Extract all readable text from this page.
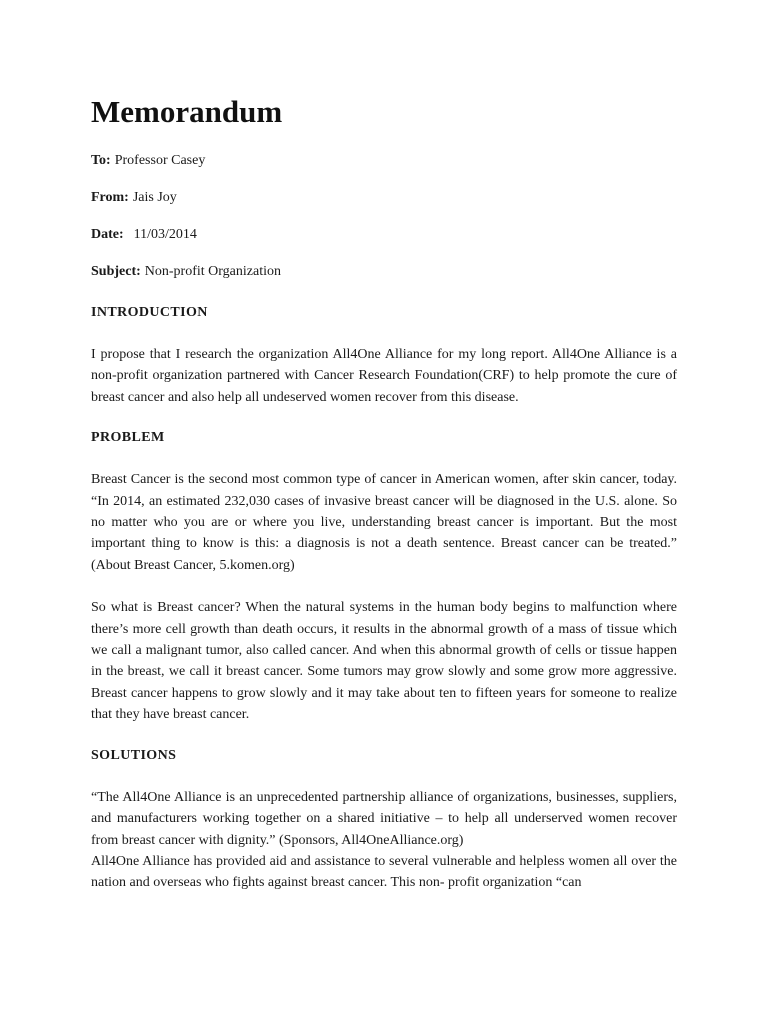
Memorandum
To: Professor Casey
From: Jais Joy
Date: 11/03/2014
Subject: Non-profit Organization
INTRODUCTION

I propose that I research the organization All4One Alliance for my long report. All4One Alliance is a non-profit organization partnered with Cancer Research Foundation(CRF) to help promote the cure of breast cancer and also help all undeserved women recover from this disease.

PROBLEM

Breast Cancer is the second most common type of cancer in American women, after skin cancer, today. “In 2014, an estimated 232,030 cases of invasive breast cancer will be diagnosed in the U.S. alone. So no matter who you are or where you live, understanding breast cancer is important. But the most important thing to know is this: a diagnosis is not a death sentence. Breast cancer can be treated.” (About Breast Cancer, 5.komen.org)

So what is Breast cancer? When the natural systems in the human body begins to malfunction where there’s more cell growth than death occurs, it results in the abnormal growth of a mass of tissue which we call a malignant tumor, also called cancer. And when this abnormal growth of cells or tissue happen in the breast, we call it breast cancer. Some tumors may grow slowly and some grow more aggressive. Breast cancer happens to grow slowly and it may take about ten to fifteen years for someone to realize that they have breast cancer.

SOLUTIONS

“The All4One Alliance is an unprecedented partnership alliance of organizations, businesses, suppliers, and manufacturers working together on a shared initiative – to help all underserved women recover from breast cancer with dignity.” (Sponsors, All4OneAlliance.org)

All4One Alliance has provided aid and assistance to several vulnerable and helpless women all over the nation and overseas who fights against breast cancer. This non- profit organization “can
